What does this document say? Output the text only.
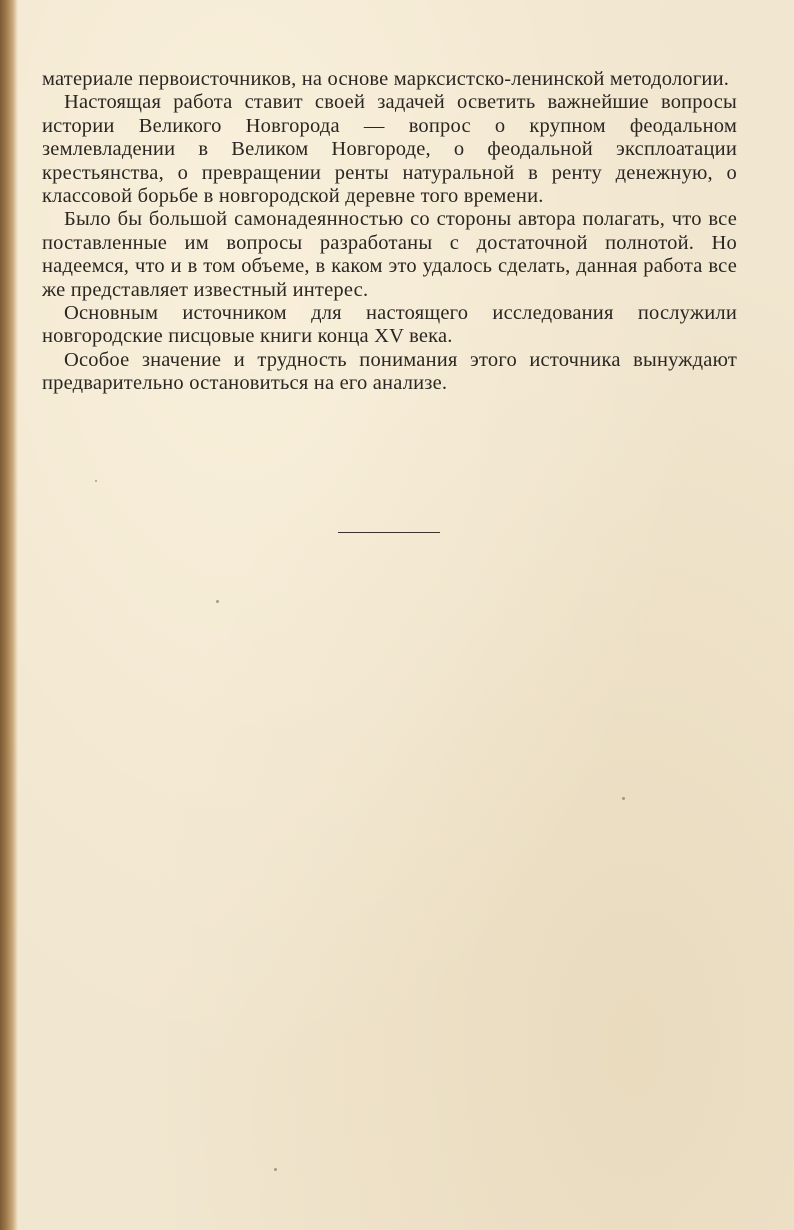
материале первоисточников, на основе марксистско-ленинской методологии.

Настоящая работа ставит своей задачей осветить важнейшие вопросы истории Великого Новгорода — вопрос о крупном феодальном землевладении в Великом Новгороде, о феодальной эксплоатации крестьянства, о превращении ренты натуральной в ренту денежную, о классовой борьбе в новгородской деревне того времени.

Было бы большой самонадеянностью со стороны автора полагать, что все поставленные им вопросы разработаны с достаточной полнотой. Но надеемся, что и в том объеме, в каком это удалось сделать, данная работа все же представляет известный интерес.

Основным источником для настоящего исследования послужили новгородские писцовые книги конца XV века.

Особое значение и трудность понимания этого источника вынуждают предварительно остановиться на его анализе.
